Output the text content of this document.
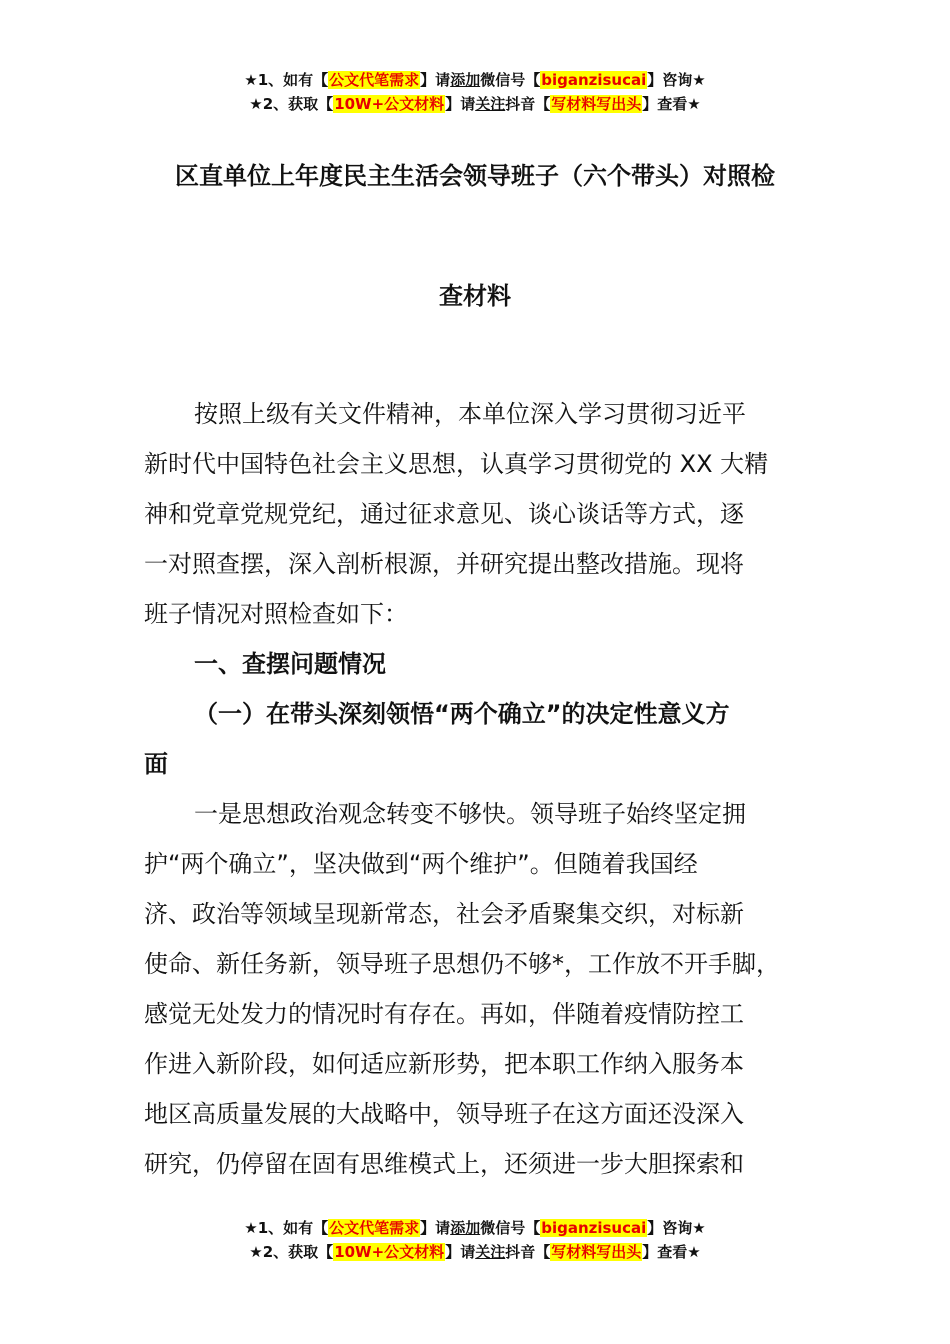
★1、如有【公文代笔需求】请添加微信号【biganzisucai】咨询★
★2、获取【10W+公文材料】请关注抖音【写材料写出头】查看★
区直单位上年度民主生活会领导班子（六个带头）对照检
查材料
按照上级有关文件精神，本单位深入学习贯彻习近平
新时代中国特色社会主义思想，认真学习贯彻党的 XX 大精
神和党章党规党纪，通过征求意见、谈心谈话等方式，逐
一对照查摆，深入剖析根源，并研究提出整改措施。现将
班子情况对照检查如下：
一、查摆问题情况
（一）在带头深刻领悟“两个确立”的决定性意义方
面
一是思想政治观念转变不够快。领导班子始终坚定拥
护“两个确立”，坚决做到“两个维护”。但随着我国经
济、政治等领域呈现新常态，社会矛盾聚集交织，对标新
使命、新任务新，领导班子思想仍不够*，工作放不开手脚，
感觉无处发力的情况时有存在。再如，伴随着疫情防控工
作进入新阶段，如何适应新形势，把本职工作纳入服务本
地区高质量发展的大战略中，领导班子在这方面还没深入
研究，仍停留在固有思维模式上，还须进一步大胆探索和
★1、如有【公文代笔需求】请添加微信号【biganzisucai】咨询★
★2、获取【10W+公文材料】请关注抖音【写材料写出头】查看★
